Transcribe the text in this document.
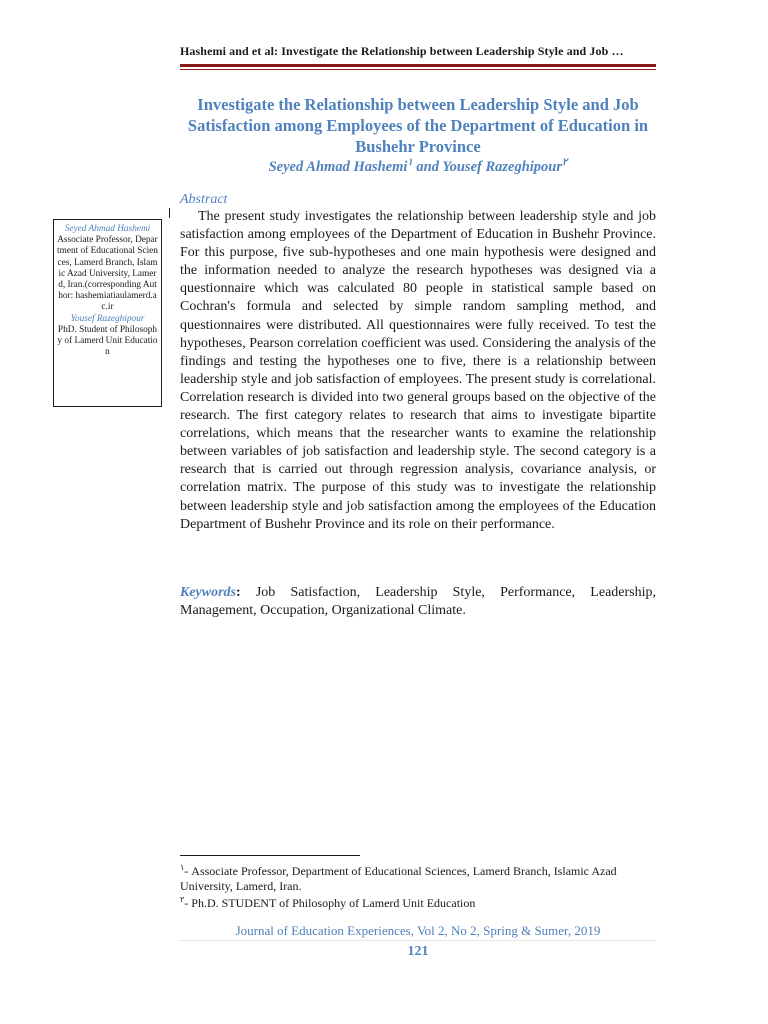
Hashemi and et al: Investigate the Relationship between Leadership Style and Job …
Investigate the Relationship between Leadership Style and Job Satisfaction among Employees of the Department of Education in Bushehr Province
Seyed Ahmad Hashemi$^١$ and Yousef Razeghipour$^٢$
Abstract

The present study investigates the relationship between leadership style and job satisfaction among employees of the Department of Education in Bushehr Province. For this purpose, five sub-hypotheses and one main hypothesis were designed and the information needed to analyze the research hypotheses was designed via a questionnaire which was calculated 80 people in statistical sample based on Cochran's formula and selected by simple random sampling method, and questionnaires were distributed. All questionnaires were fully received. To test the hypotheses, Pearson correlation coefficient was used. Considering the analysis of the findings and testing the hypotheses one to five, there is a relationship between leadership style and job satisfaction of employees. The present study is correlational. Correlation research is divided into two general groups based on the objective of the research. The first category relates to research that aims to investigate bipartite correlations, which means that the researcher wants to examine the relationship between variables of job satisfaction and leadership style. The second category is a research that is carried out through regression analysis, covariance analysis, or correlation matrix. The purpose of this study was to investigate the relationship between leadership style and job satisfaction among the employees of the Education Department of Bushehr Province and its role on their performance.

Seyed Ahmad Hashemi
Associate Professor, Department of Educational Sciences, Lamerd Branch, Islamic Azad University, Lamerd, Iran.(corresponding Author: hashemiatiaulamerd.ac.ir
Yousef Razeghipour
PhD. Student of Philosophy of Lamerd Unit Education

Keywords: Job Satisfaction, Leadership Style, Performance, Leadership, Management, Occupation, Organizational Climate.

$^١$- Associate Professor, Department of Educational Sciences, Lamerd Branch, Islamic Azad University, Lamerd, Iran.
$^٢$- Ph.D. STUDENT of Philosophy of Lamerd Unit Education
Journal of Education Experiences, Vol 2, No 2, Spring & Sumer, 2019
121
